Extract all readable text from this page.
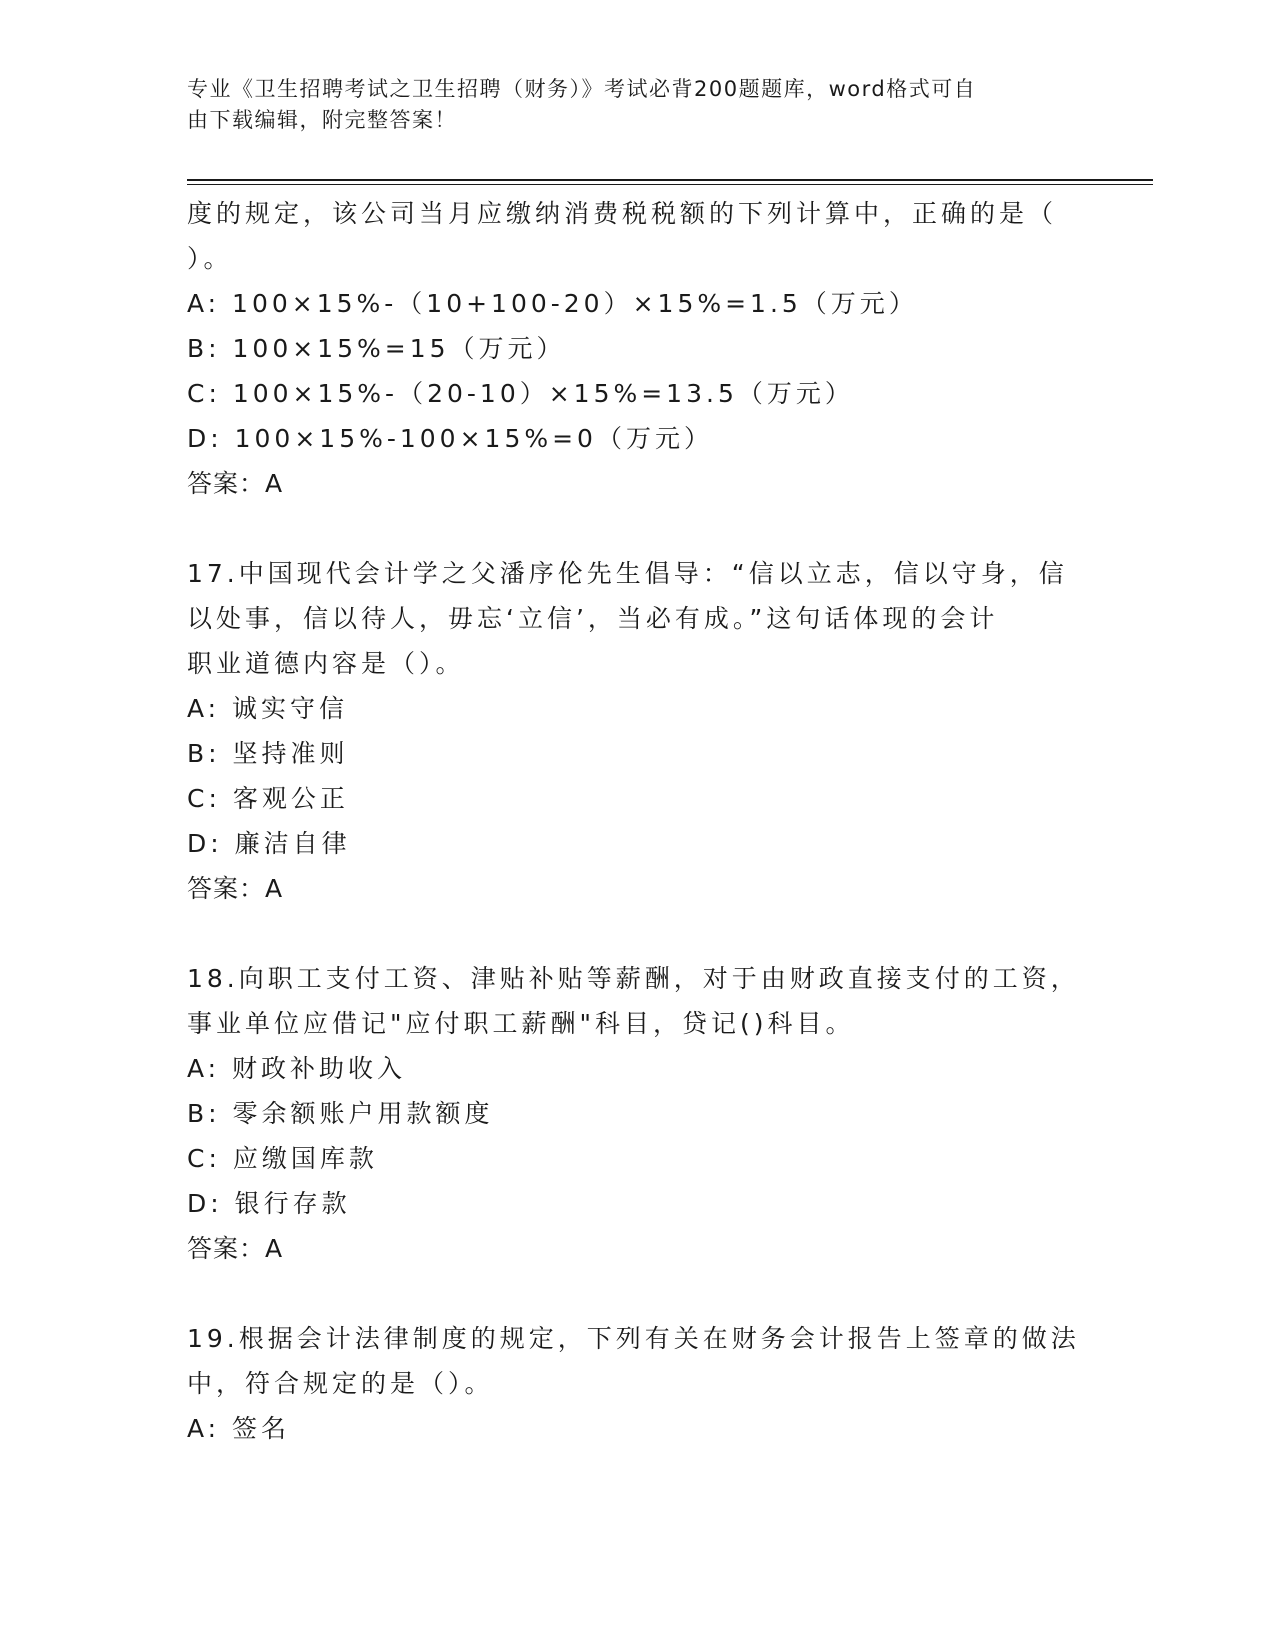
专业《卫生招聘考试之卫生招聘（财务）》考试必背200题题库，word格式可自
由下载编辑，附完整答案！
度的规定，该公司当月应缴纳消费税税额的下列计算中，正确的是（
）。
A: 100×15%-（10+100-20）×15%=1.5（万元）
B: 100×15%=15（万元）
C: 100×15%-（20-10）×15%=13.5（万元）
D: 100×15%-100×15%=0（万元）
答案：A
17.中国现代会计学之父潘序伦先生倡导：“信以立志，信以守身，信
以处事，信以待人，毋忘‘立信’，当必有成。”这句话体现的会计
职业道德内容是（）。
A: 诚实守信
B: 坚持准则
C: 客观公正
D: 廉洁自律
答案：A
18.向职工支付工资、津贴补贴等薪酬，对于由财政直接支付的工资，
事业单位应借记"应付职工薪酬"科目，贷记()科目。
A: 财政补助收入
B: 零余额账户用款额度
C: 应缴国库款
D: 银行存款
答案：A
19.根据会计法律制度的规定，下列有关在财务会计报告上签章的做法
中，符合规定的是（）。
A: 签名
